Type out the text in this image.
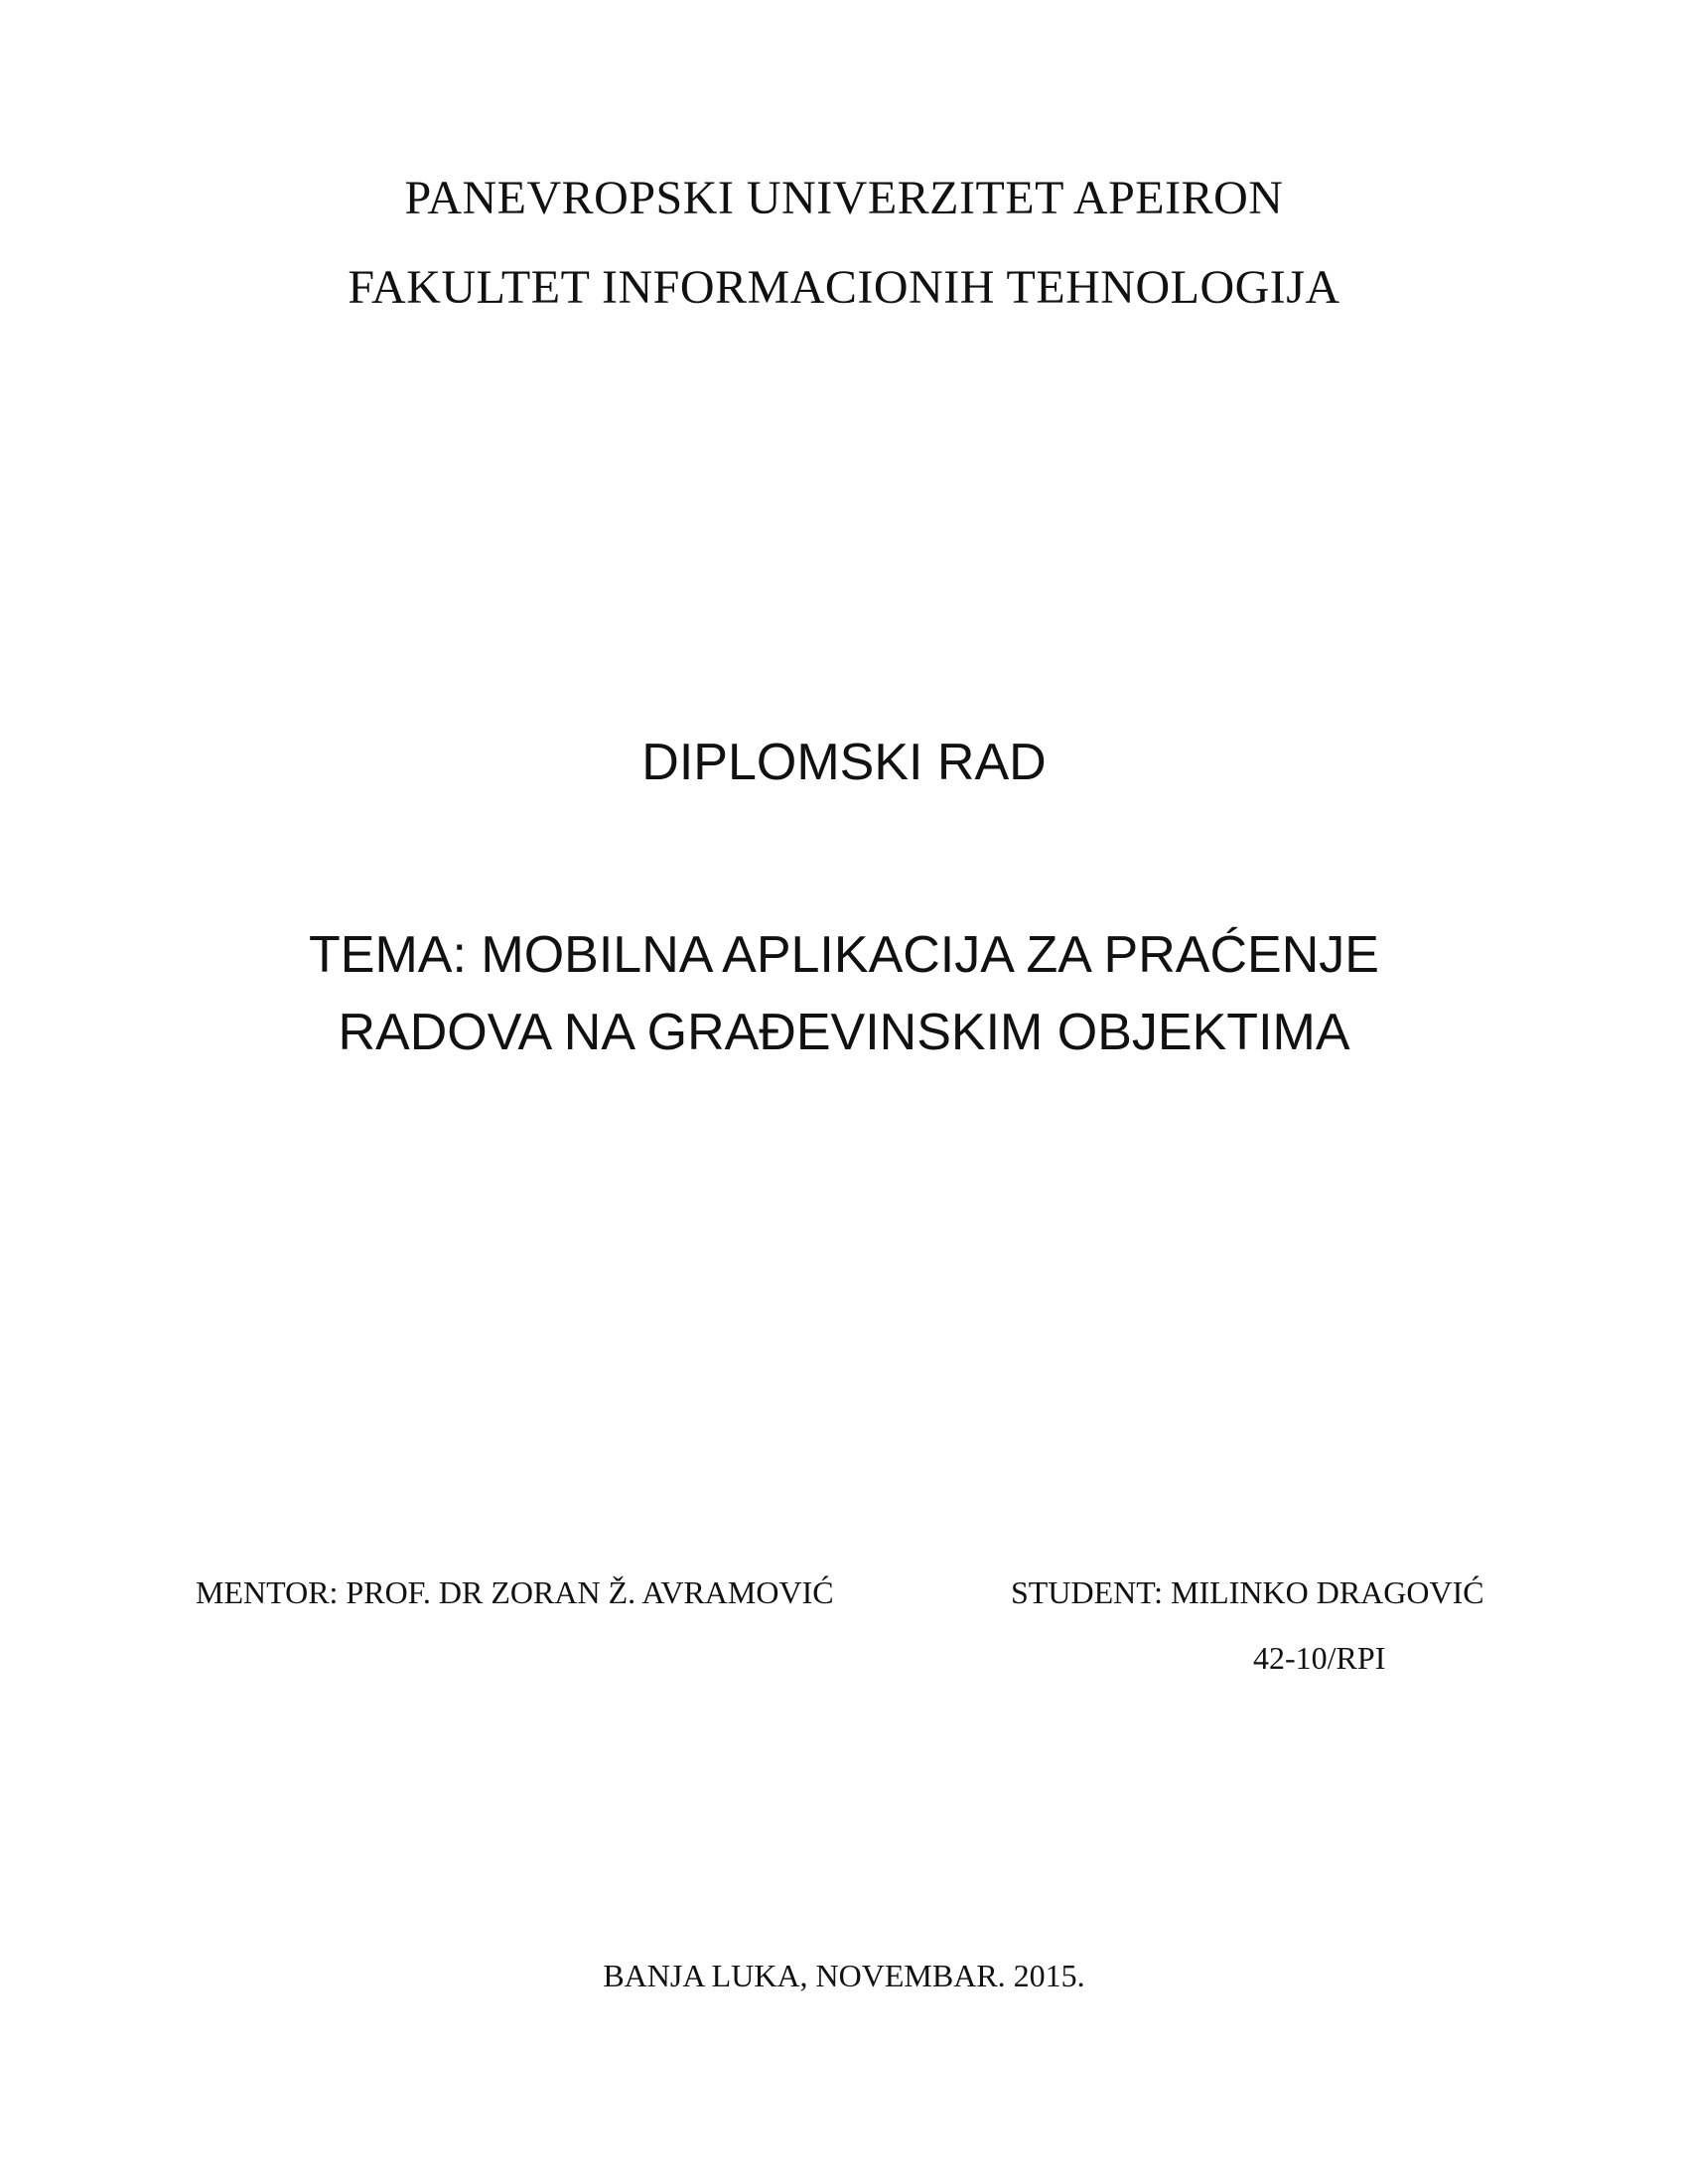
PANEVROPSKI UNIVERZITET APEIRON
FAKULTET INFORMACIONIH TEHNOLOGIJA
DIPLOMSKI RAD
TEMA: MOBILNA APLIKACIJA ZA PRAĆENJE
RADOVA NA GRAĐEVINSKIM OBJEKTIMA
MENTOR: PROF. DR ZORAN Ž. AVRAMOVIĆ	STUDENT: MILINKO DRAGOVIĆ
42-10/RPI
BANJA LUKA, NOVEMBAR. 2015.
